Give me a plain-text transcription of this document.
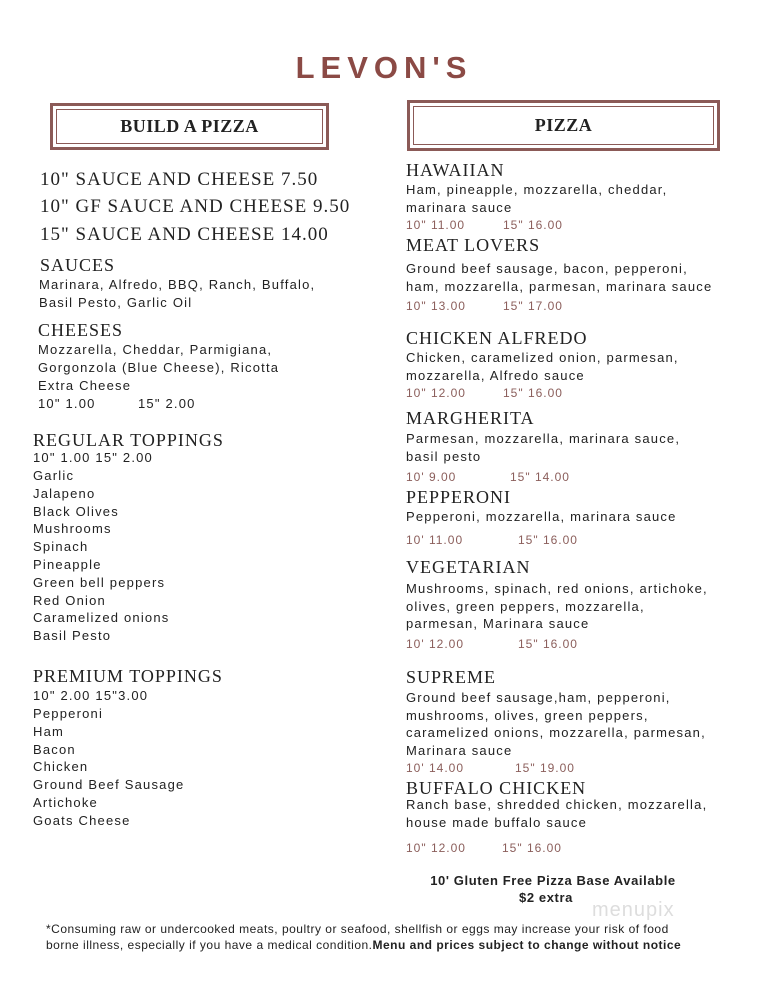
LEVON'S
BUILD A PIZZA	PIZZA
10" SAUCE AND CHEESE 7.50
10" GF SAUCE AND CHEESE 9.50
15" SAUCE AND CHEESE 14.00
SAUCES
Marinara, Alfredo, BBQ, Ranch, Buffalo,
Basil Pesto, Garlic Oil
CHEESES
Mozzarella, Cheddar, Parmigiana,
Gorgonzola (Blue Cheese), Ricotta
Extra Cheese
10" 1.00	15" 2.00
REGULAR TOPPINGS
10" 1.00 15" 2.00
Garlic
Jalapeno
Black Olives
Mushrooms
Spinach
Pineapple
Green bell peppers
Red Onion
Caramelized onions
Basil Pesto
PREMIUM TOPPINGS
10" 2.00 15"3.00
Pepperoni
Ham
Bacon
Chicken
Ground Beef Sausage
Artichoke
Goats Cheese
HAWAIIAN
Ham, pineapple, mozzarella, cheddar,
marinara sauce
10" 11.00	15" 16.00
MEAT LOVERS
Ground beef sausage, bacon, pepperoni,
ham, mozzarella, parmesan, marinara sauce
10" 13.00	15" 17.00
CHICKEN ALFREDO
Chicken, caramelized onion, parmesan,
mozzarella, Alfredo sauce
10" 12.00	15" 16.00
MARGHERITA
Parmesan, mozzarella, marinara sauce,
basil pesto
10' 9.00	15" 14.00
PEPPERONI
Pepperoni, mozzarella, marinara sauce
10' 11.00	15" 16.00
VEGETARIAN
Mushrooms, spinach, red onions, artichoke,
olives, green peppers, mozzarella,
parmesan, Marinara sauce
10' 12.00	15" 16.00
SUPREME
Ground beef sausage,ham, pepperoni,
mushrooms, olives, green peppers,
caramelized onions, mozzarella, parmesan,
Marinara sauce
10' 14.00	15" 19.00
BUFFALO CHICKEN
Ranch base, shredded chicken, mozzarella,
house made buffalo sauce
10" 12.00	15" 16.00
10' Gluten Free Pizza Base Available
$2 extra
menupix
*Consuming raw or undercooked meats, poultry or seafood, shellfish or eggs may increase your risk of food
borne illness, especially if you have a medical condition.Menu and prices subject to change without notice
